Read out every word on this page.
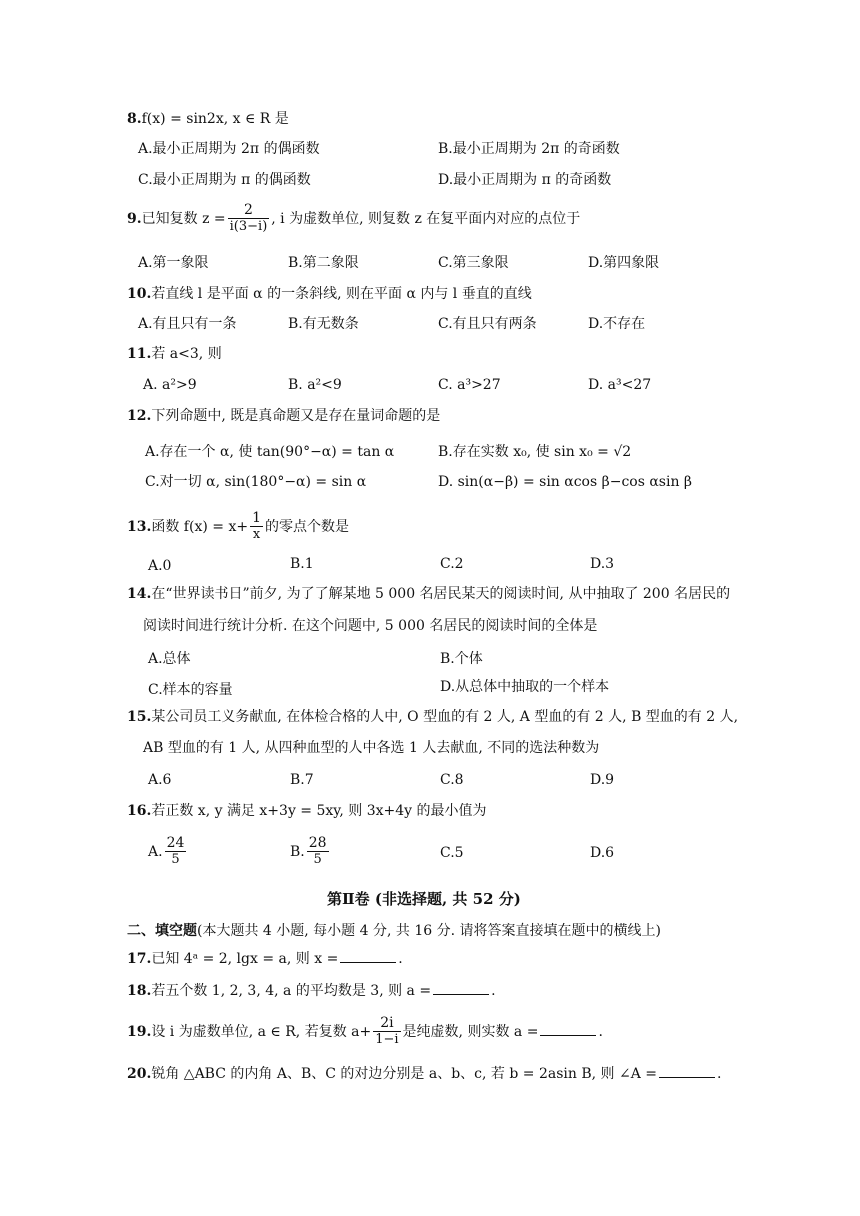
8.f(x) = sin2x, x ∈ R 是
A.最小正周期为 2π 的偶函数	B.最小正周期为 2π 的奇函数
C.最小正周期为 π 的偶函数	D.最小正周期为 π 的奇函数
9.已知复数 $z = \frac{2}{i(3-i)}$ , i 为虚数单位, 则复数 z 在复平面内对应的点位于
A.第一象限	B.第二象限	C.第三象限	D.第四象限
10.若直线 l 是平面 α 的一条斜线, 则在平面 α 内与 l 垂直的直线
A.有且只有一条	B.有无数条	C.有且只有两条	D.不存在
11.若 a<3, 则
A. a²>9	B. a²<9	C. a³>27	D. a³<27
12.下列命题中, 既是真命题又是存在量词命题的是
A.存在一个 α, 使 tan(90°−α) = tan α	B.存在实数 x₀, 使 sin x₀ = √2
C.对一切 α, sin(180°−α) = sin α	D. sin(α−β) = sin αcos β−cos αsin β
13.函数 $f(x) = x+ \frac{1}{x}$ 的零点个数是
A.0	B.1	C.2	D.3
14.在“世界读书日”前夕, 为了了解某地 5 000 名居民某天的阅读时间, 从中抽取了 200 名居民的
阅读时间进行统计分析. 在这个问题中, 5 000 名居民的阅读时间的全体是
A.总体	B.个体
C.样本的容量	D.从总体中抽取的一个样本
15.某公司员工义务献血, 在体检合格的人中, O 型血的有 2 人, A 型血的有 2 人, B 型血的有 2 人,
AB 型血的有 1 人, 从四种血型的人中各选 1 人去献血, 不同的选法种数为
A.6	B.7	C.8	D.9
16.若正数 x, y 满足 x+3y = 5xy, 则 3x+4y 的最小值为
A. $\frac{24}{5}$	B. $\frac{28}{5}$	C.5	D.6
第Ⅱ卷 (非选择题, 共 52 分)
二、填空题(本大题共 4 小题, 每小题 4 分, 共 16 分. 请将答案直接填在题中的横线上)
17.已知 4ᵃ = 2, lgx = a, 则 x =	.
18.若五个数 1, 2, 3, 4, a 的平均数是 3, 则 a =	.
19.设 i 为虚数单位, a ∈ R, 若复数 $a+ \frac{2i}{1-i}$ 是纯虚数, 则实数 a =	.
20.锐角 △ABC 的内角 A、B、C 的对边分别是 a、b、c, 若 b = 2asin B, 则 ∠A =	.
